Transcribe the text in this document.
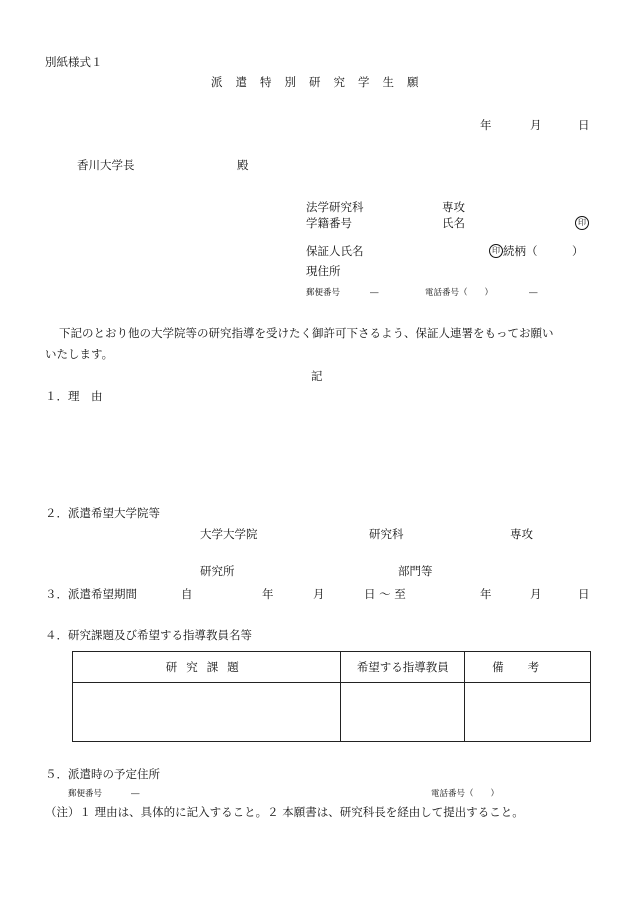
別紙様式１
派遣特別研究学生願
年	月	日
香川大学長	殿
法学研究科	専攻
学籍番号	氏名	印
保証人氏名	印 続柄（　　　）
現住所
郵便番号	―	電話番号（　　）	―
下記のとおり他の大学院等の研究指導を受けたく御許可下さるよう、保証人連署をもってお願い
いたします。
記
１．理　由
２．派遣希望大学院等
大学大学院	研究科	専攻
研究所	部門等
３．派遣希望期間	自	年	月	日 〜 至	年	月	日
４．研究課題及び希望する指導教員名等
研究課題	希望する指導教員	備考

５．派遣時の予定住所
郵便番号	―	電話番号（　　）
（注）１ 理由は、具体的に記入すること。２ 本願書は、研究科長を経由して提出すること。
